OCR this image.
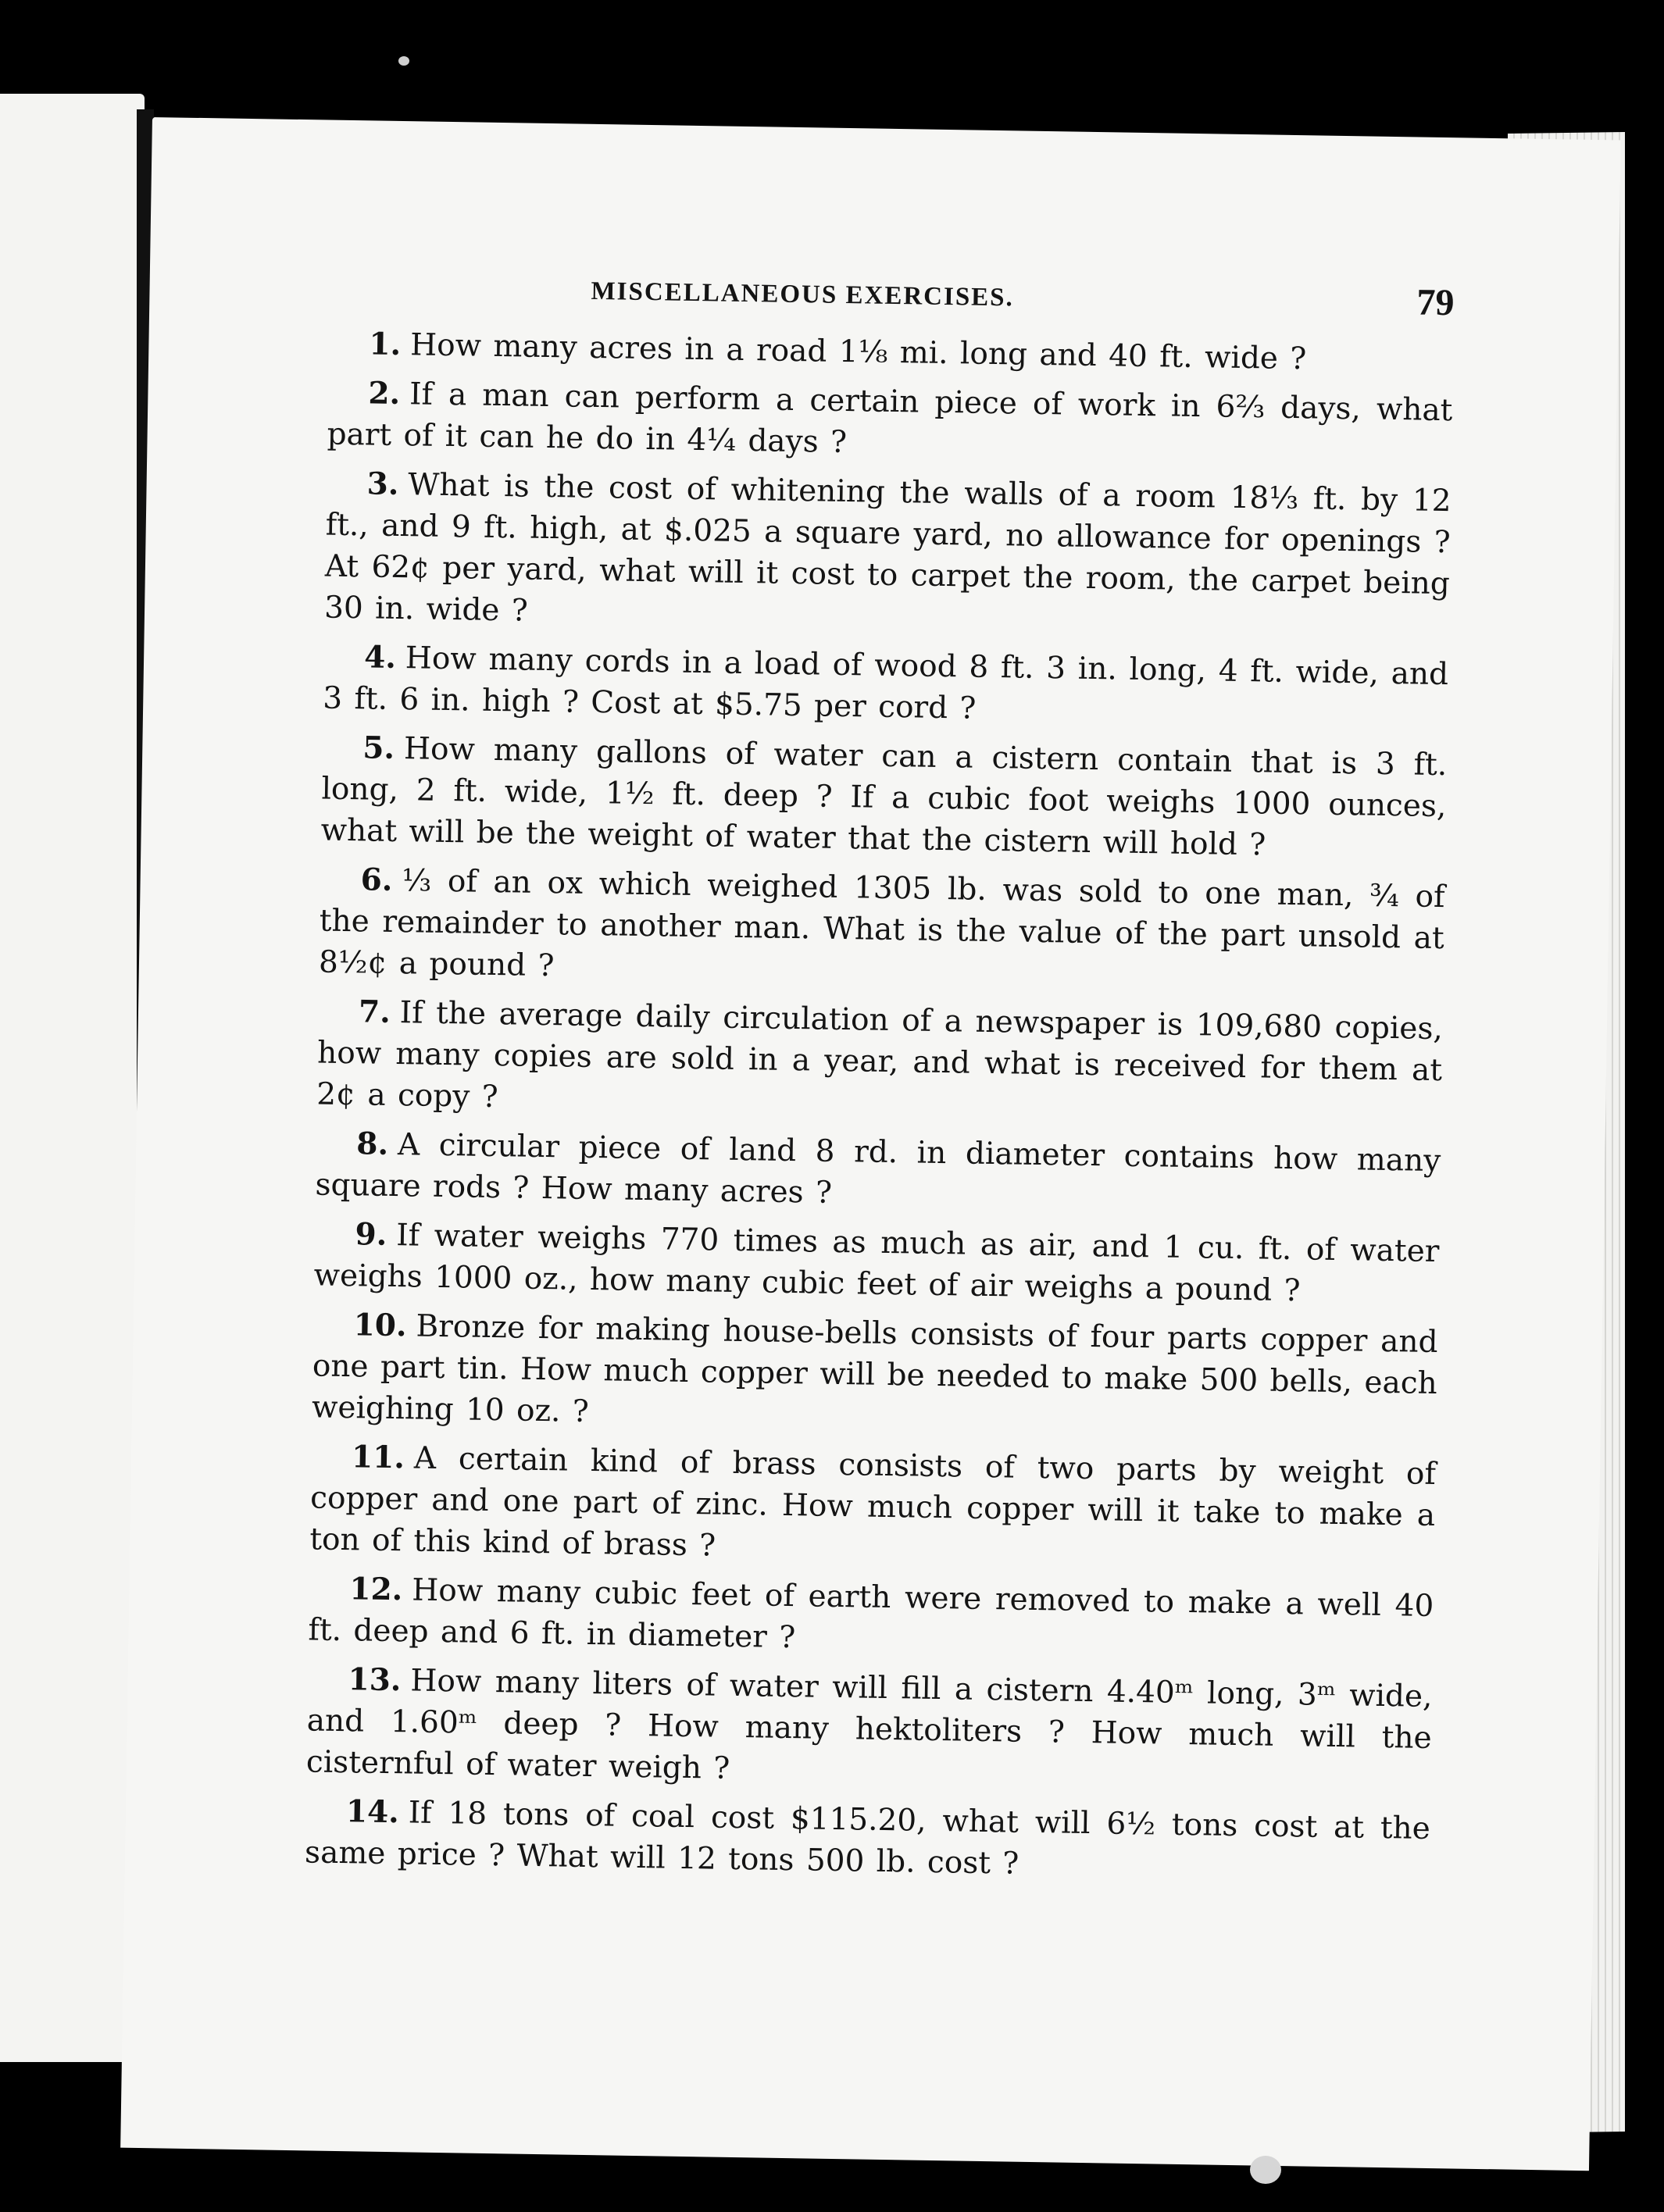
MISCELLANEOUS EXERCISES.	79

1. How many acres in a road 1⅛ mi. long and 40 ft. wide ?

2. If a man can perform a certain piece of work in 6⅔ days, what part of it can he do in 4¼ days ?

3. What is the cost of whitening the walls of a room 18⅓ ft. by 12 ft., and 9 ft. high, at $.025 a square yard, no allowance for openings ? At 62¢ per yard, what will it cost to carpet the room, the carpet being 30 in. wide ?

4. How many cords in a load of wood 8 ft. 3 in. long, 4 ft. wide, and 3 ft. 6 in. high ? Cost at $5.75 per cord ?

5. How many gallons of water can a cistern contain that is 3 ft. long, 2 ft. wide, 1½ ft. deep ? If a cubic foot weighs 1000 ounces, what will be the weight of water that the cistern will hold ?

6. ⅓ of an ox which weighed 1305 lb. was sold to one man, ¾ of the remainder to another man. What is the value of the part unsold at 8½¢ a pound ?

7. If the average daily circulation of a newspaper is 109,680 copies, how many copies are sold in a year, and what is received for them at 2¢ a copy ?

8. A circular piece of land 8 rd. in diameter contains how many square rods ? How many acres ?

9. If water weighs 770 times as much as air, and 1 cu. ft. of water weighs 1000 oz., how many cubic feet of air weighs a pound ?

10. Bronze for making house-bells consists of four parts copper and one part tin. How much copper will be needed to make 500 bells, each weighing 10 oz. ?

11. A certain kind of brass consists of two parts by weight of copper and one part of zinc. How much copper will it take to make a ton of this kind of brass ?

12. How many cubic feet of earth were removed to make a well 40 ft. deep and 6 ft. in diameter ?

13. How many liters of water will fill a cistern 4.40ᵐ long, 3ᵐ wide, and 1.60ᵐ deep ? How many hektoliters ? How much will the cisternful of water weigh ?

14. If 18 tons of coal cost $115.20, what will 6½ tons cost at the same price ? What will 12 tons 500 lb. cost ?
